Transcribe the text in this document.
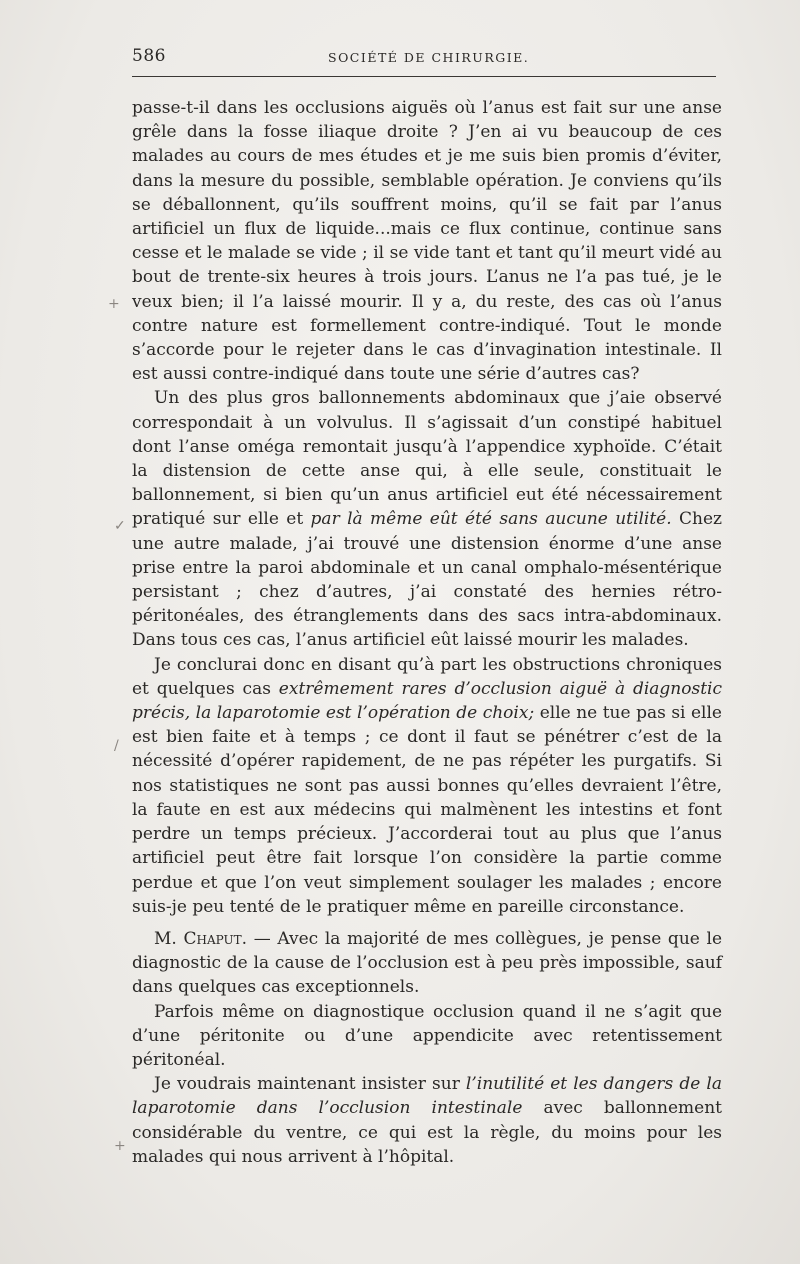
586	SOCIÉTÉ DE CHIRURGIE.
+
✓
/
+

passe-t-il dans les occlusions aiguës où l’anus est fait sur une anse grêle dans la fosse iliaque droite ? J’en ai vu beaucoup de ces malades au cours de mes études et je me suis bien promis d’éviter, dans la mesure du possible, semblable opération. Je conviens qu’ils se déballonnent, qu’ils souffrent moins, qu’il se fait par l’anus artificiel un flux de liquide...mais ce flux continue, continue sans cesse et le malade se vide ; il se vide tant et tant qu’il meurt vidé au bout de trente-six heures à trois jours. L’anus ne l’a pas tué, je le veux bien; il l’a laissé mourir. Il y a, du reste, des cas où l’anus contre nature est formellement contre-indiqué. Tout le monde s’accorde pour le rejeter dans le cas d’invagination intestinale. Il est aussi contre-indiqué dans toute une série d’autres cas?

Un des plus gros ballonnements abdominaux que j’aie observé correspondait à un volvulus. Il s’agissait d’un constipé habituel dont l’anse oméga remontait jusqu’à l’appendice xyphoïde. C’était la distension de cette anse qui, à elle seule, constituait le ballonnement, si bien qu’un anus artificiel eut été nécessairement pratiqué sur elle et par là même eût été sans aucune utilité. Chez une autre malade, j’ai trouvé une distension énorme d’une anse prise entre la paroi abdominale et un canal omphalo-mésentérique persistant ; chez d’autres, j’ai constaté des hernies rétro-péritonéales, des étranglements dans des sacs intra-abdominaux. Dans tous ces cas, l’anus artificiel eût laissé mourir les malades.

Je conclurai donc en disant qu’à part les obstructions chroniques et quelques cas extrêmement rares d’occlusion aiguë à diagnostic précis, la laparotomie est l’opération de choix; elle ne tue pas si elle est bien faite et à temps ; ce dont il faut se pénétrer c’est de la nécessité d’opérer rapidement, de ne pas répéter les purgatifs. Si nos statistiques ne sont pas aussi bonnes qu’elles devraient l’être, la faute en est aux médecins qui malmènent les intestins et font perdre un temps précieux. J’accorderai tout au plus que l’anus artificiel peut être fait lorsque l’on considère la partie comme perdue et que l’on veut simplement soulager les malades ; encore suis-je peu tenté de le pratiquer même en pareille circonstance.

M. Chaput. — Avec la majorité de mes collègues, je pense que le diagnostic de la cause de l’occlusion est à peu près impossible, sauf dans quelques cas exceptionnels.

Parfois même on diagnostique occlusion quand il ne s’agit que d’une péritonite ou d’une appendicite avec retentissement péritonéal.

Je voudrais maintenant insister sur l’inutilité et les dangers de la laparotomie dans l’occlusion intestinale avec ballonnement considérable du ventre, ce qui est la règle, du moins pour les malades qui nous arrivent à l’hôpital.
